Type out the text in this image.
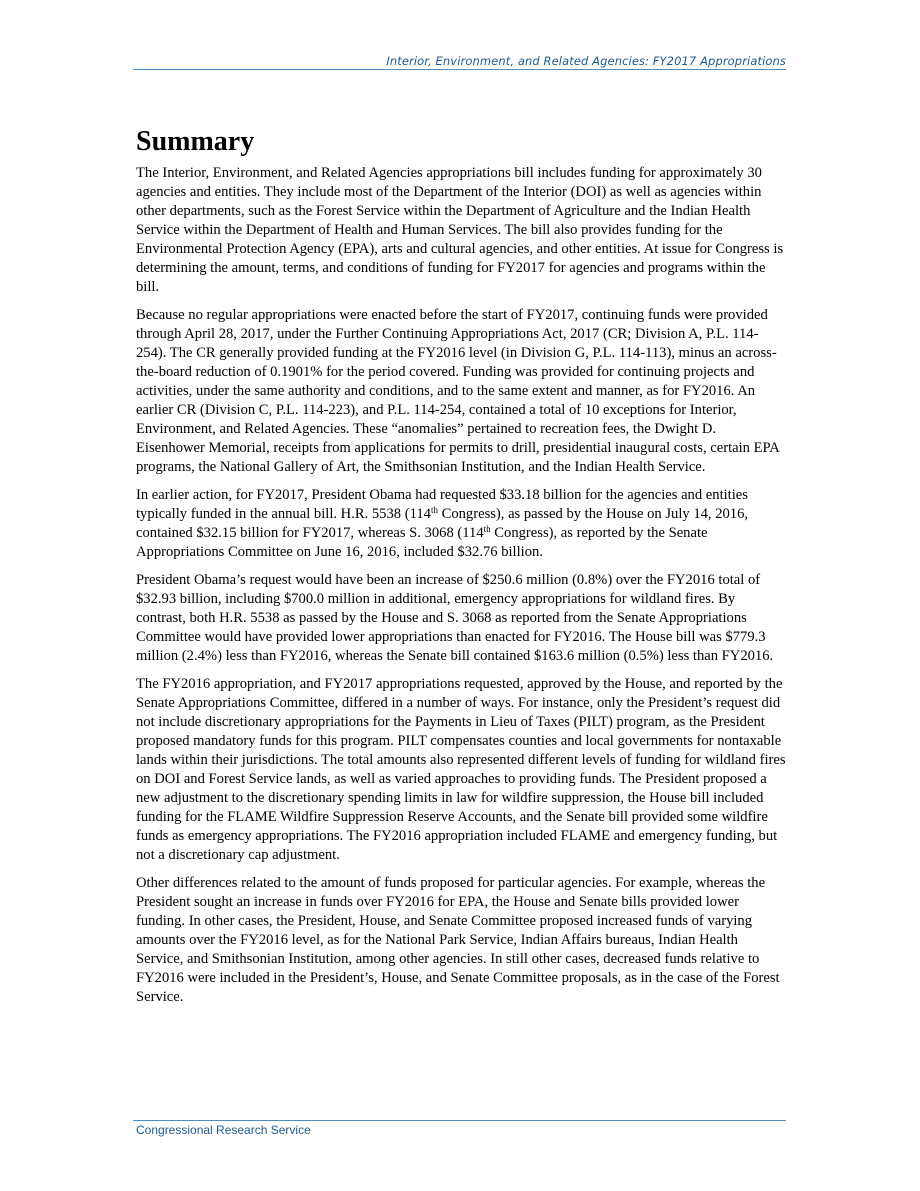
Interior, Environment, and Related Agencies: FY2017 Appropriations
Summary

The Interior, Environment, and Related Agencies appropriations bill includes funding for approximately 30 agencies and entities. They include most of the Department of the Interior (DOI) as well as agencies within other departments, such as the Forest Service within the Department of Agriculture and the Indian Health Service within the Department of Health and Human Services. The bill also provides funding for the Environmental Protection Agency (EPA), arts and cultural agencies, and other entities. At issue for Congress is determining the amount, terms, and conditions of funding for FY2017 for agencies and programs within the bill.

Because no regular appropriations were enacted before the start of FY2017, continuing funds were provided through April 28, 2017, under the Further Continuing Appropriations Act, 2017 (CR; Division A, P.L. 114-254). The CR generally provided funding at the FY2016 level (in Division G, P.L. 114-113), minus an across-the-board reduction of 0.1901% for the period covered. Funding was provided for continuing projects and activities, under the same authority and conditions, and to the same extent and manner, as for FY2016. An earlier CR (Division C, P.L. 114-223), and P.L. 114-254, contained a total of 10 exceptions for Interior, Environment, and Related Agencies. These “anomalies” pertained to recreation fees, the Dwight D. Eisenhower Memorial, receipts from applications for permits to drill, presidential inaugural costs, certain EPA programs, the National Gallery of Art, the Smithsonian Institution, and the Indian Health Service.

In earlier action, for FY2017, President Obama had requested $33.18 billion for the agencies and entities typically funded in the annual bill. H.R. 5538 (114th Congress), as passed by the House on July 14, 2016, contained $32.15 billion for FY2017, whereas S. 3068 (114th Congress), as reported by the Senate Appropriations Committee on June 16, 2016, included $32.76 billion.

President Obama’s request would have been an increase of $250.6 million (0.8%) over the FY2016 total of $32.93 billion, including $700.0 million in additional, emergency appropriations for wildland fires. By contrast, both H.R. 5538 as passed by the House and S. 3068 as reported from the Senate Appropriations Committee would have provided lower appropriations than enacted for FY2016. The House bill was $779.3 million (2.4%) less than FY2016, whereas the Senate bill contained $163.6 million (0.5%) less than FY2016.

The FY2016 appropriation, and FY2017 appropriations requested, approved by the House, and reported by the Senate Appropriations Committee, differed in a number of ways. For instance, only the President’s request did not include discretionary appropriations for the Payments in Lieu of Taxes (PILT) program, as the President proposed mandatory funds for this program. PILT compensates counties and local governments for nontaxable lands within their jurisdictions. The total amounts also represented different levels of funding for wildland fires on DOI and Forest Service lands, as well as varied approaches to providing funds. The President proposed a new adjustment to the discretionary spending limits in law for wildfire suppression, the House bill included funding for the FLAME Wildfire Suppression Reserve Accounts, and the Senate bill provided some wildfire funds as emergency appropriations. The FY2016 appropriation included FLAME and emergency funding, but not a discretionary cap adjustment.

Other differences related to the amount of funds proposed for particular agencies. For example, whereas the President sought an increase in funds over FY2016 for EPA, the House and Senate bills provided lower funding. In other cases, the President, House, and Senate Committee proposed increased funds of varying amounts over the FY2016 level, as for the National Park Service, Indian Affairs bureaus, Indian Health Service, and Smithsonian Institution, among other agencies. In still other cases, decreased funds relative to FY2016 were included in the President’s, House, and Senate Committee proposals, as in the case of the Forest Service.

Congressional Research Service
